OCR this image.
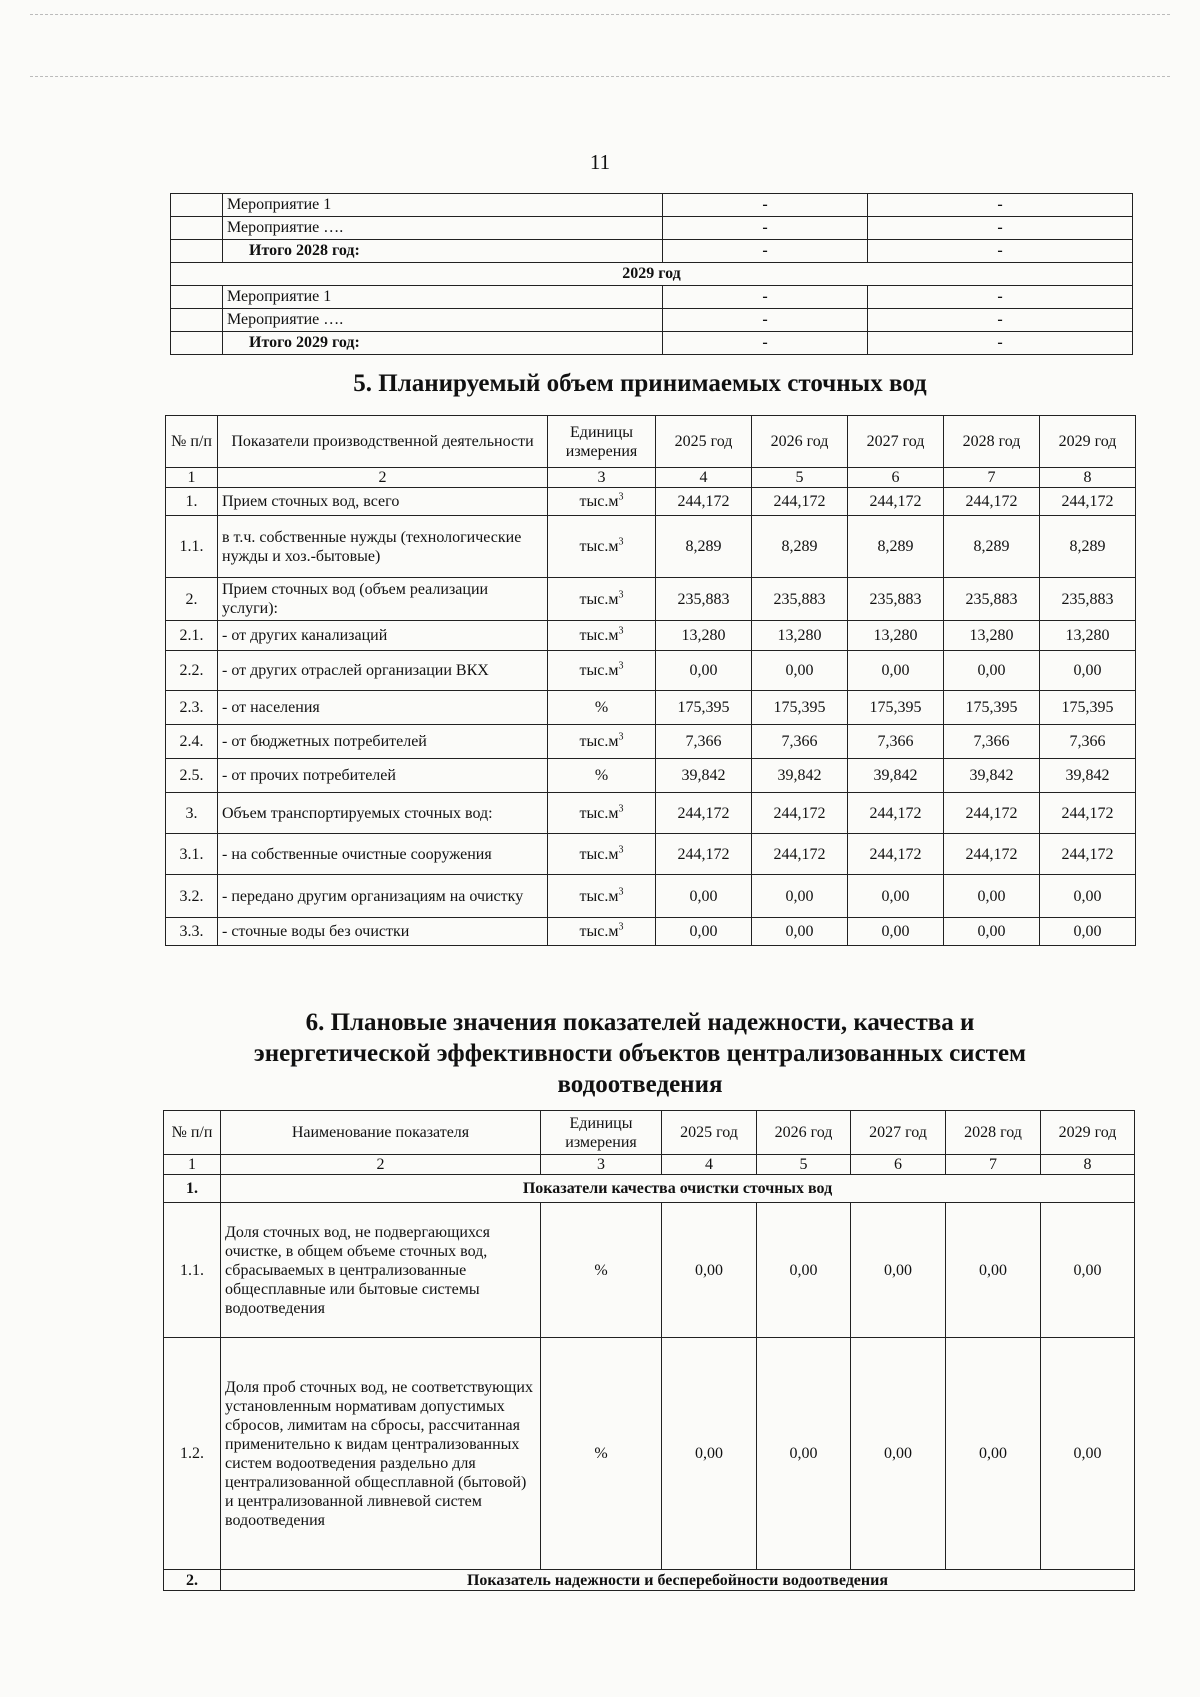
11
	Мероприятие 1	-	-
	Мероприятие ….	-	-
	Итого 2028 год:	-	-
2029 год			
	Мероприятие 1	-	-
	Мероприятие ….	-	-
	Итого 2029 год:	-	-
5. Планируемый объем принимаемых сточных вод
№ п/п	Показатели производственной деятельности	Единицы измерения	2025 год	2026 год	2027 год	2028 год	2029 год
1	2	3	4	5	6	7	8
1.	Прием сточных вод, всего	$тыс.м^3$	244,172	244,172	244,172	244,172	244,172
1.1.	в т.ч. собственные нужды (технологические нужды и хоз.-бытовые)	$тыс.м^3$	8,289	8,289	8,289	8,289	8,289
2.	Прием сточных вод (объем реализации услуги):	$тыс.м^3$	235,883	235,883	235,883	235,883	235,883
2.1.	- от других канализаций	$тыс.м^3$	13,280	13,280	13,280	13,280	13,280
2.2.	- от других отраслей организации ВКХ	$тыс.м^3$	0,00	0,00	0,00	0,00	0,00
2.3.	- от населения	%	175,395	175,395	175,395	175,395	175,395
2.4.	- от бюджетных потребителей	$тыс.м^3$	7,366	7,366	7,366	7,366	7,366
2.5.	- от прочих потребителей	%	39,842	39,842	39,842	39,842	39,842
3.	Объем транспортируемых сточных вод:	$тыс.м^3$	244,172	244,172	244,172	244,172	244,172
3.1.	- на собственные очистные сооружения	$тыс.м^3$	244,172	244,172	244,172	244,172	244,172
3.2.	- передано другим организациям на очистку	$тыс.м^3$	0,00	0,00	0,00	0,00	0,00
3.3.	- сточные воды без очистки	$тыс.м^3$	0,00	0,00	0,00	0,00	0,00
6. Плановые значения показателей надежности, качества и
энергетической эффективности объектов централизованных систем
водоотведения
№ п/п	Наименование показателя	Единицы измерения	2025 год	2026 год	2027 год	2028 год	2029 год
1	2	3	4	5	6	7	8
1.	Показатели качества очистки сточных вод						
1.1.	Доля сточных вод, не подвергающихся очистке, в общем объеме сточных вод, сбрасываемых в централизованные общесплавные или бытовые системы водоотведения	%	0,00	0,00	0,00	0,00	0,00
1.2.	Доля проб сточных вод, не соответствующих установленным нормативам допустимых сбросов, лимитам на сбросы, рассчитанная применительно к видам централизованных систем водоотведения раздельно для централизованной общесплавной (бытовой) и централизованной ливневой систем водоотведения	%	0,00	0,00	0,00	0,00	0,00
2.	Показатель надежности и бесперебойности водоотведения						
